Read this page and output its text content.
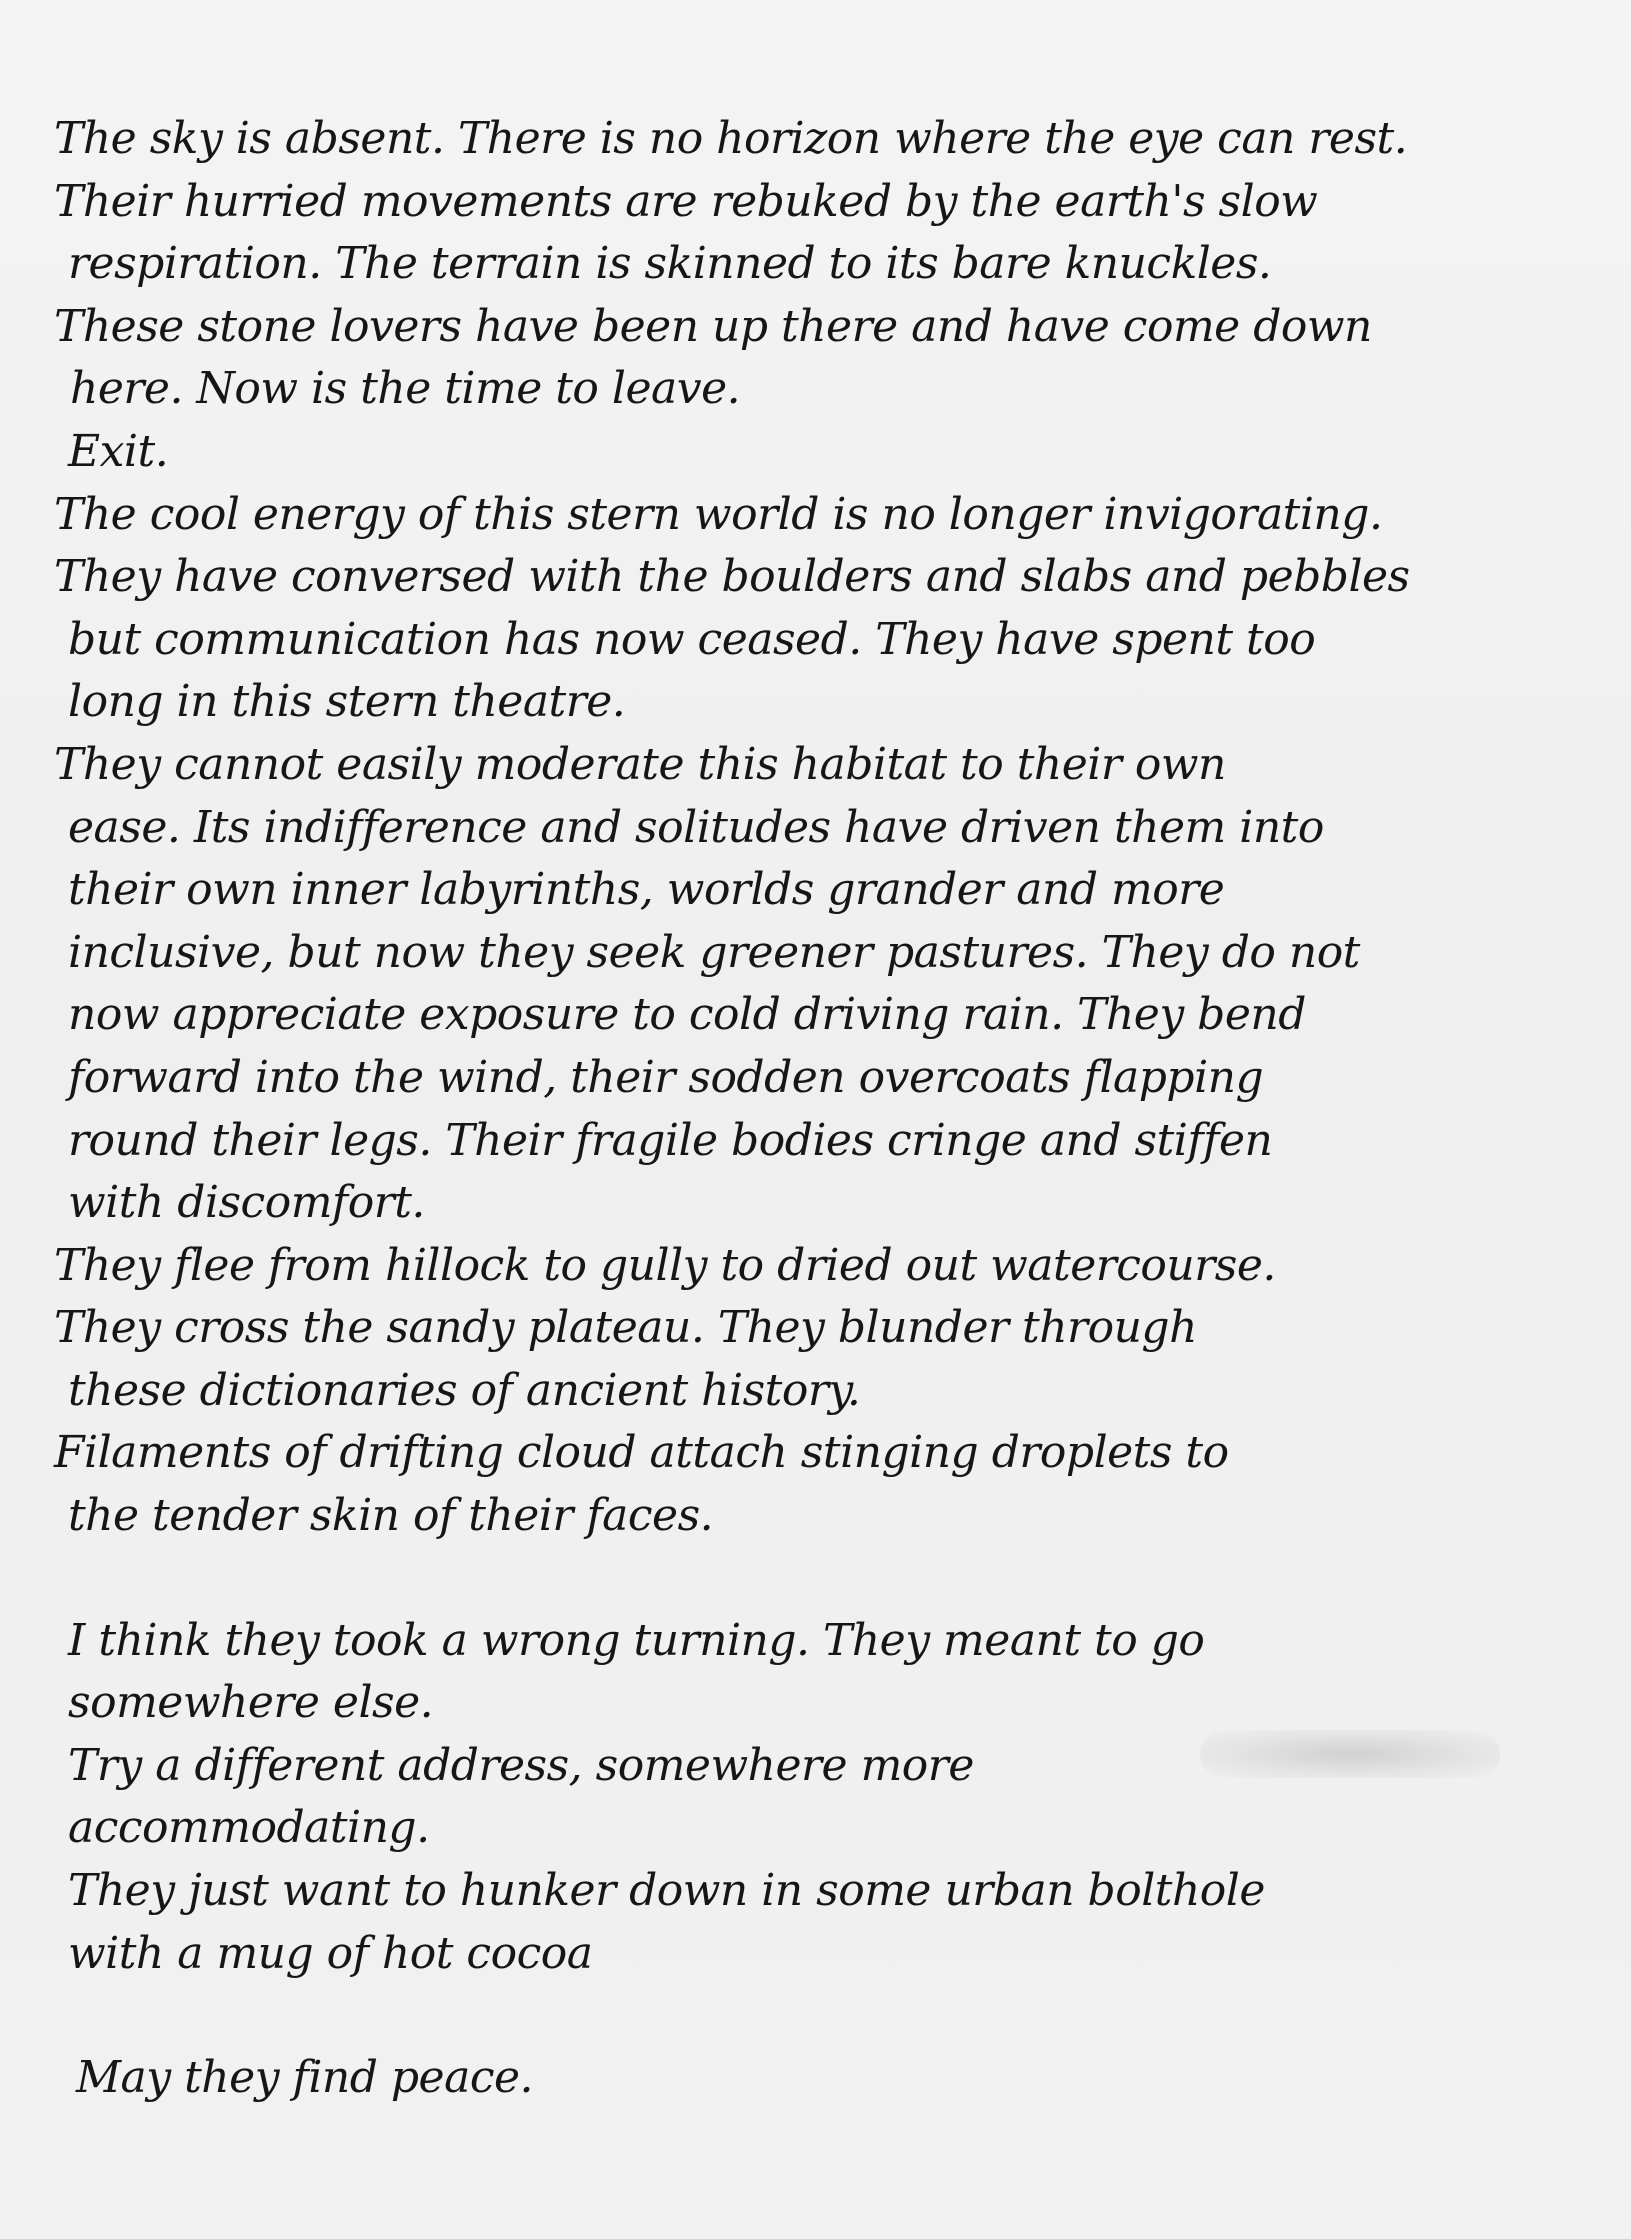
The sky is absent. There is no horizon where the eye can rest.
Their hurried movements are rebuked by the earth's slow
respiration. The terrain is skinned to its bare knuckles.
These stone lovers have been up there and have come down
here. Now is the time to leave.
Exit.
The cool energy of this stern world is no longer invigorating.
They have conversed with the boulders and slabs and pebbles
but communication has now ceased. They have spent too
long in this stern theatre.
They cannot easily moderate this habitat to their own
ease. Its indifference and solitudes have driven them into
their own inner labyrinths, worlds grander and more
inclusive, but now they seek greener pastures. They do not
now appreciate exposure to cold driving rain. They bend
forward into the wind, their sodden overcoats flapping
round their legs. Their fragile bodies cringe and stiffen
with discomfort.
They flee from hillock to gully to dried out watercourse.
They cross the sandy plateau. They blunder through
these dictionaries of ancient history.
Filaments of drifting cloud attach stinging droplets to
the tender skin of their faces.
I think they took a wrong turning. They meant to go
somewhere else.
Try a different address, somewhere more
accommodating.
They just want to hunker down in some urban bolthole
with a mug of hot cocoa
May they find peace.
